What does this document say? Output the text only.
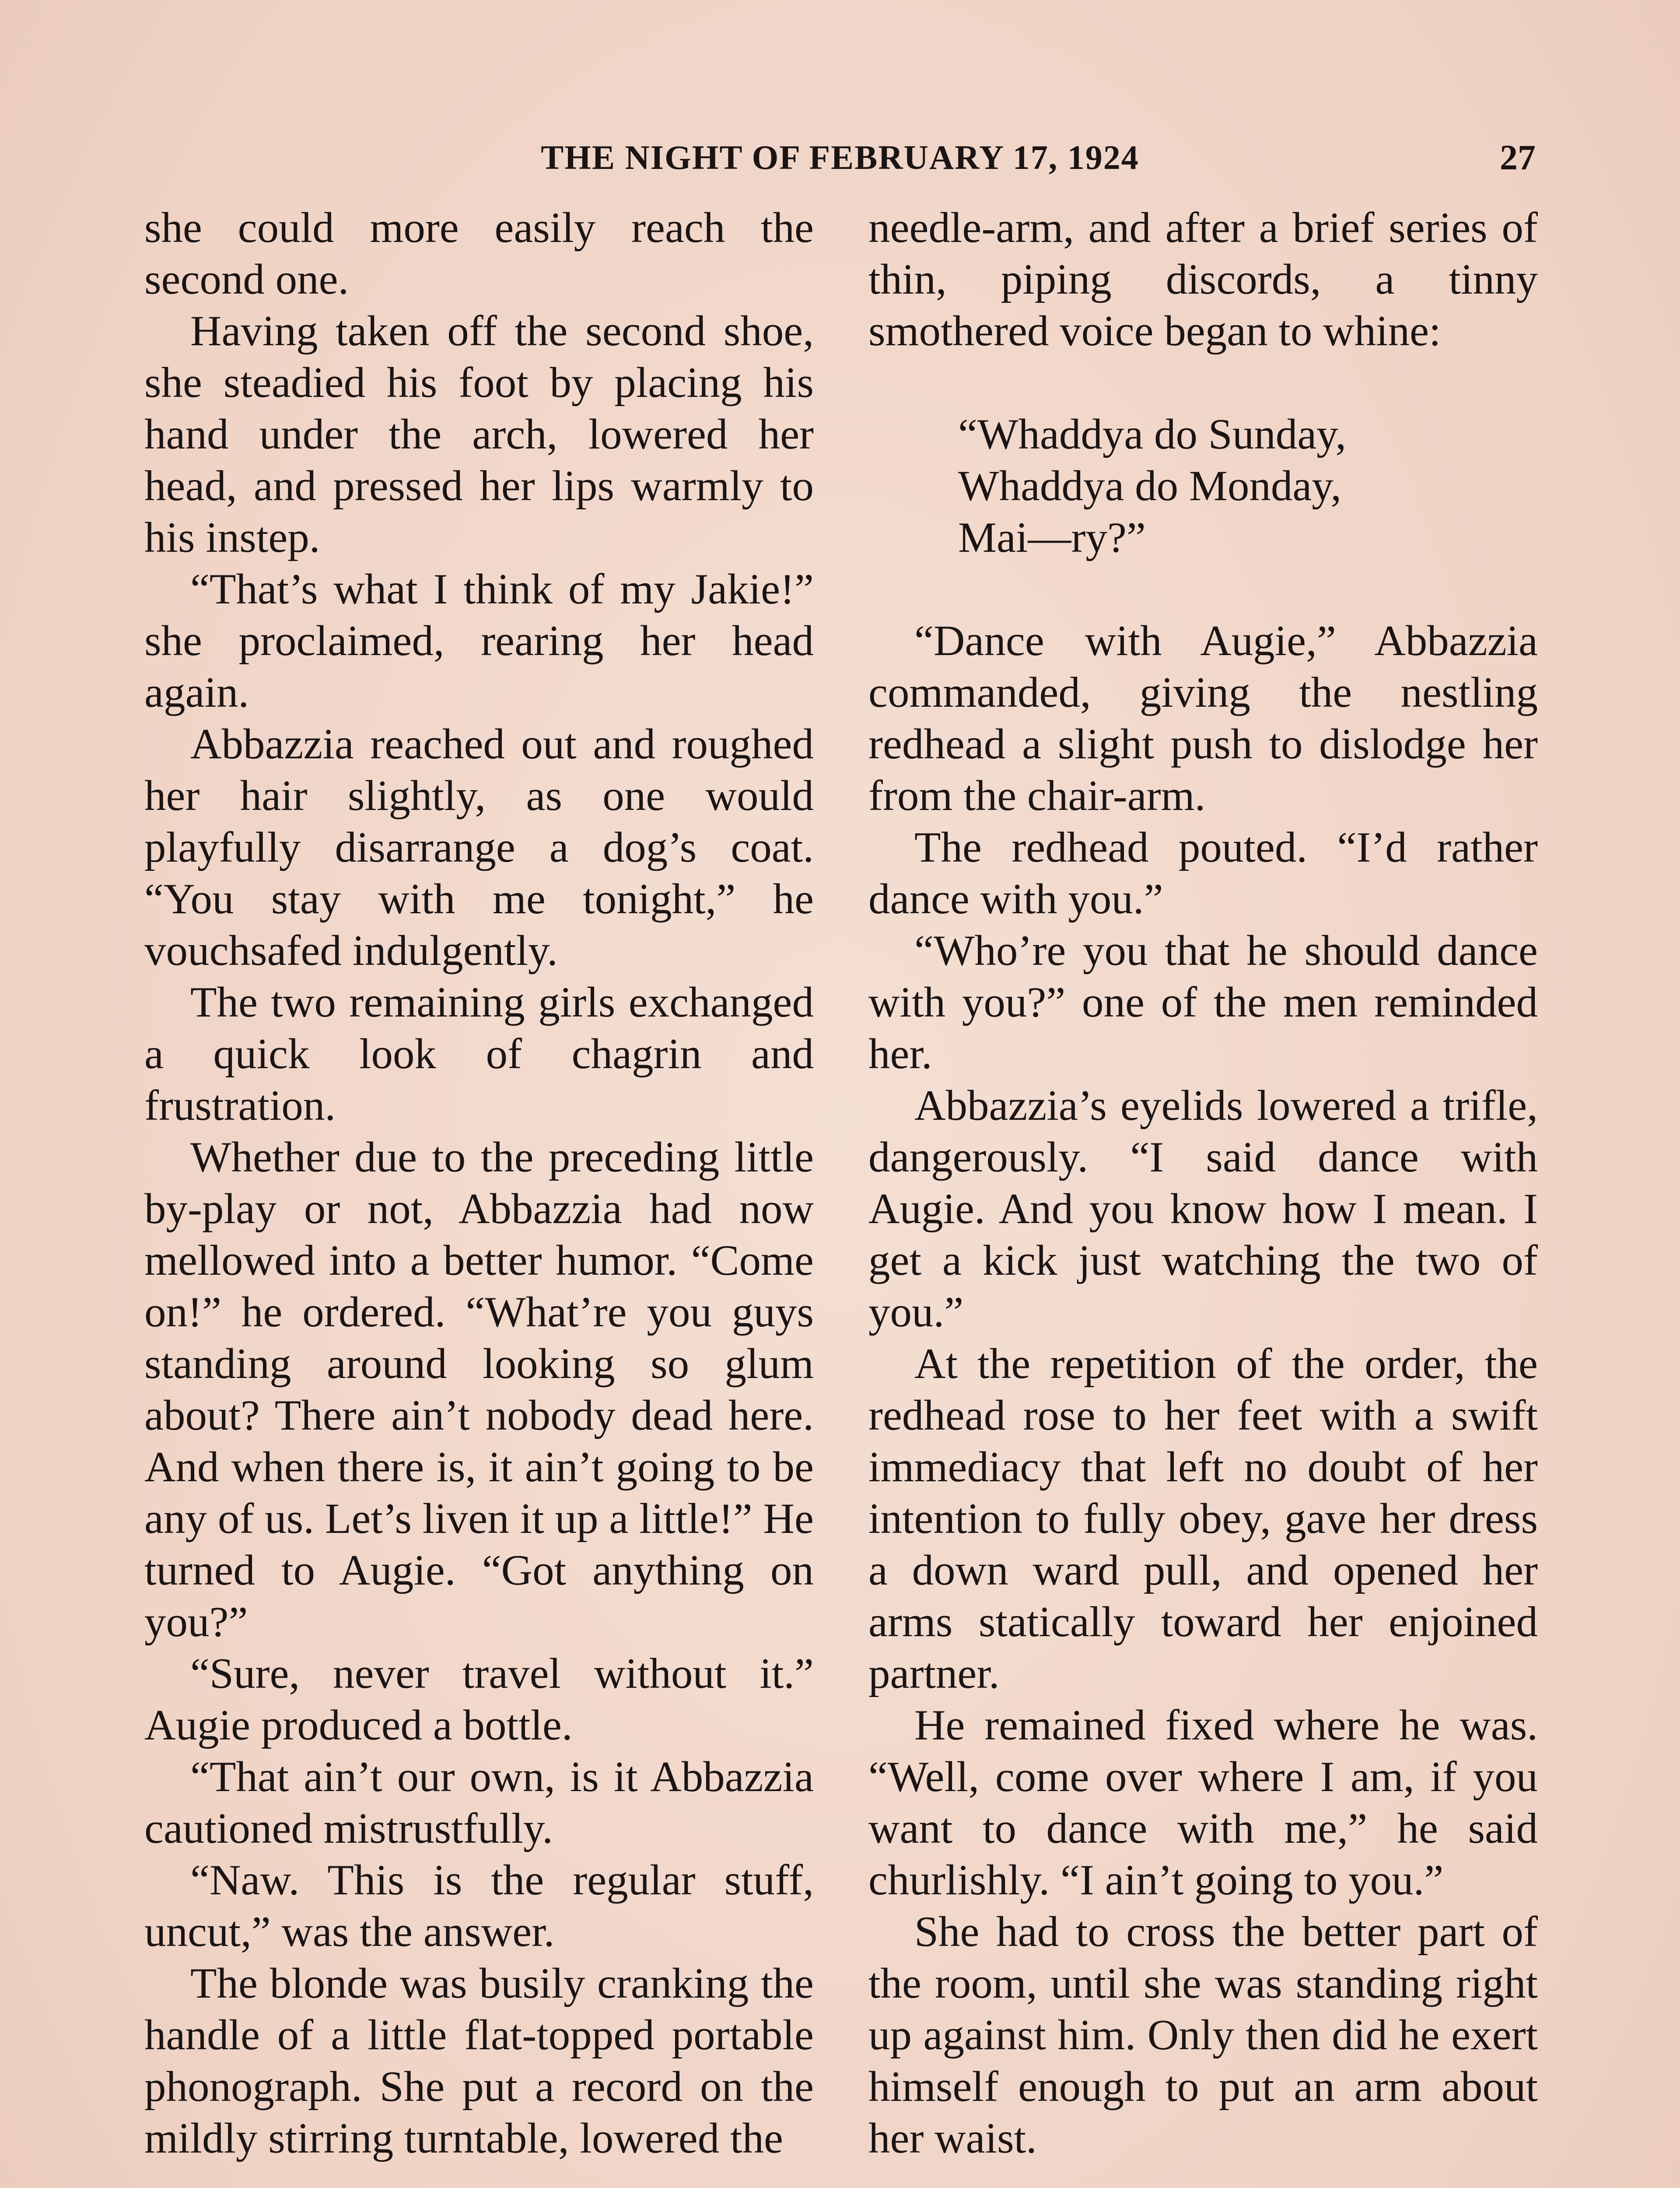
THE NIGHT OF FEBRUARY 17, 1924	27

she could more easily reach the second one.

Having taken off the second shoe, she steadied his foot by placing his hand under the arch, lowered her head, and pressed her lips warmly to his instep.

“That’s what I think of my Jakie!” she proclaimed, rearing her head again.

Abbazzia reached out and roughed her hair slightly, as one would playfully disarrange a dog’s coat. “You stay with me tonight,” he vouchsafed indulgently.

The two remaining girls exchanged a quick look of chagrin and frustration.

Whether due to the preceding little by-play or not, Abbazzia had now mellowed into a better humor. “Come on!” he ordered. “What’re you guys standing around looking so glum about? There ain’t nobody dead here. And when there is, it ain’t going to be any of us. Let’s liven it up a little!” He turned to Augie. “Got anything on you?”

“Sure, never travel without it.” Augie produced a bottle.

“That ain’t our own, is it Abbazzia cautioned mistrustfully.

“Naw. This is the regular stuff, uncut,” was the answer.

The blonde was busily cranking the handle of a little flat-topped portable phonograph. She put a record on the mildly stirring turntable, lowered the

needle-arm, and after a brief series of thin, piping discords, a tinny smothered voice began to whine:

“Whaddya do Sunday,
Whaddya do Monday,
Mai—ry?”

“Dance with Augie,” Abbazzia commanded, giving the nestling redhead a slight push to dislodge her from the chair-arm.

The redhead pouted. “I’d rather dance with you.”

“Who’re you that he should dance with you?” one of the men reminded her.

Abbazzia’s eyelids lowered a trifle, dangerously. “I said dance with Augie. And you know how I mean. I get a kick just watching the two of you.”

At the repetition of the order, the redhead rose to her feet with a swift immediacy that left no doubt of her intention to fully obey, gave her dress a down ward pull, and opened her arms statically toward her enjoined partner.

He remained fixed where he was. “Well, come over where I am, if you want to dance with me,” he said churlishly. “I ain’t going to you.”

She had to cross the better part of the room, until she was standing right up against him. Only then did he exert himself enough to put an arm about her waist.
